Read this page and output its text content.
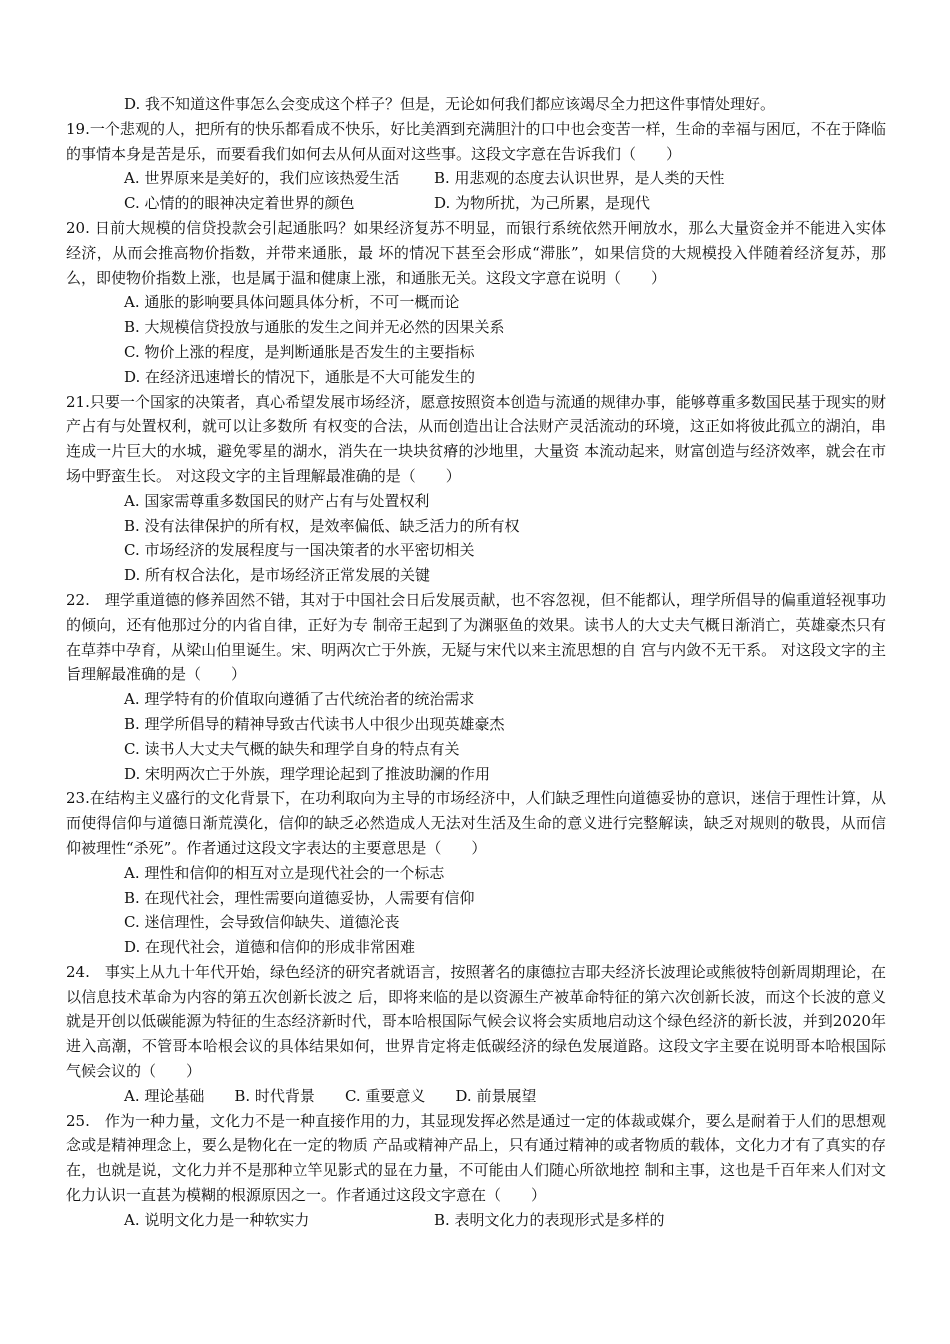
D. 我不知道这件事怎么会变成这个样子？但是，无论如何我们都应该竭尽全力把这件事情处理好。

19.一个悲观的人，把所有的快乐都看成不快乐，好比美酒到充满胆汁的口中也会变苦一样，生命的幸福与困厄，不在于降临的事情本身是苦是乐，而要看我们如何去从何从面对这些事。这段文字意在告诉我们（　　）

A. 世界原来是美好的，我们应该热爱生活	B. 用悲观的态度去认识世界，是人类的天性
C. 心情的的眼神决定着世界的颜色	D. 为物所扰，为己所累，是现代

20. 日前大规模的信贷投款会引起通胀吗？如果经济复苏不明显，而银行系统依然开闸放水，那么大量资金并不能进入实体经济，从而会推高物价指数，并带来通胀，最 坏的情况下甚至会形成“滞胀”，如果信贷的大规模投入伴随着经济复苏，那么，即使物价指数上涨，也是属于温和健康上涨，和通胀无关。这段文字意在说明（　　）

A. 通胀的影响要具体问题具体分析，不可一概而论

B. 大规模信贷投放与通胀的发生之间并无必然的因果关系

C. 物价上涨的程度，是判断通胀是否发生的主要指标

D. 在经济迅速增长的情况下，通胀是不大可能发生的

21.只要一个国家的决策者，真心希望发展市场经济，愿意按照资本创造与流通的规律办事，能够尊重多数国民基于现实的财产占有与处置权利，就可以让多数所 有权变的合法，从而创造出让合法财产灵活流动的环境，这正如将彼此孤立的湖泊，串连成一片巨大的水城，避免零星的湖水，消失在一块块贫瘠的沙地里，大量资 本流动起来，财富创造与经济效率，就会在市场中野蛮生长。 对这段文字的主旨理解最准确的是（　　）

A. 国家需尊重多数国民的财产占有与处置权利

B. 没有法律保护的所有权，是效率偏低、缺乏活力的所有权

C. 市场经济的发展程度与一国决策者的水平密切相关

D. 所有权合法化，是市场经济正常发展的关键

22.　理学重道德的修养固然不错，其对于中国社会日后发展贡献，也不容忽视，但不能都认，理学所倡导的偏重道轻视事功的倾向，还有他那过分的内省自律，正好为专 制帝王起到了为渊驱鱼的效果。读书人的大丈夫气概日渐消亡，英雄豪杰只有在草莽中孕育，从梁山伯里诞生。宋、明两次亡于外族，无疑与宋代以来主流思想的自 宫与内敛不无干系。 对这段文字的主旨理解最准确的是（　　）

A. 理学特有的价值取向遵循了古代统治者的统治需求

B. 理学所倡导的精神导致古代读书人中很少出现英雄豪杰

C. 读书人大丈夫气概的缺失和理学自身的特点有关

D. 宋明两次亡于外族，理学理论起到了推波助澜的作用

23.在结构主义盛行的文化背景下，在功利取向为主导的市场经济中，人们缺乏理性向道德妥协的意识，迷信于理性计算，从而使得信仰与道德日渐荒漠化，信仰的缺乏必然造成人无法对生活及生命的意义进行完整解读，缺乏对规则的敬畏，从而信仰被理性“杀死”。作者通过这段文字表达的主要意思是（　　）

A. 理性和信仰的相互对立是现代社会的一个标志

B. 在现代社会，理性需要向道德妥协，人需要有信仰

C. 迷信理性，会导致信仰缺失、道德沦丧

D. 在现代社会，道德和信仰的形成非常困难

24.　事实上从九十年代开始，绿色经济的研究者就语言，按照著名的康德拉吉耶夫经济长波理论或熊彼特创新周期理论，在以信息技术革命为内容的第五次创新长波之 后，即将来临的是以资源生产被革命特征的第六次创新长波，而这个长波的意义就是开创以低碳能源为特征的生态经济新时代，哥本哈根国际气候会议将会实质地启动这个绿色经济的新长波，并到2020年进入高潮，不管哥本哈根会议的具体结果如何，世界肯定将走低碳经济的绿色发展道路。这段文字主要在说明哥本哈根国际气候会议的（　　）

A. 理论基础 B. 时代背景 C. 重要意义 D. 前景展望

25.　作为一种力量，文化力不是一种直接作用的力，其显现发挥必然是通过一定的体裁或媒介，要么是耐着于人们的思想观念或是精神理念上，要么是物化在一定的物质 产品或精神产品上，只有通过精神的或者物质的载体，文化力才有了真实的存在，也就是说，文化力并不是那种立竿见影式的显在力量，不可能由人们随心所欲地控 制和主事，这也是千百年来人们对文化力认识一直甚为模糊的根源原因之一。作者通过这段文字意在（　　）

A. 说明文化力是一种软实力	B. 表明文化力的表现形式是多样的
